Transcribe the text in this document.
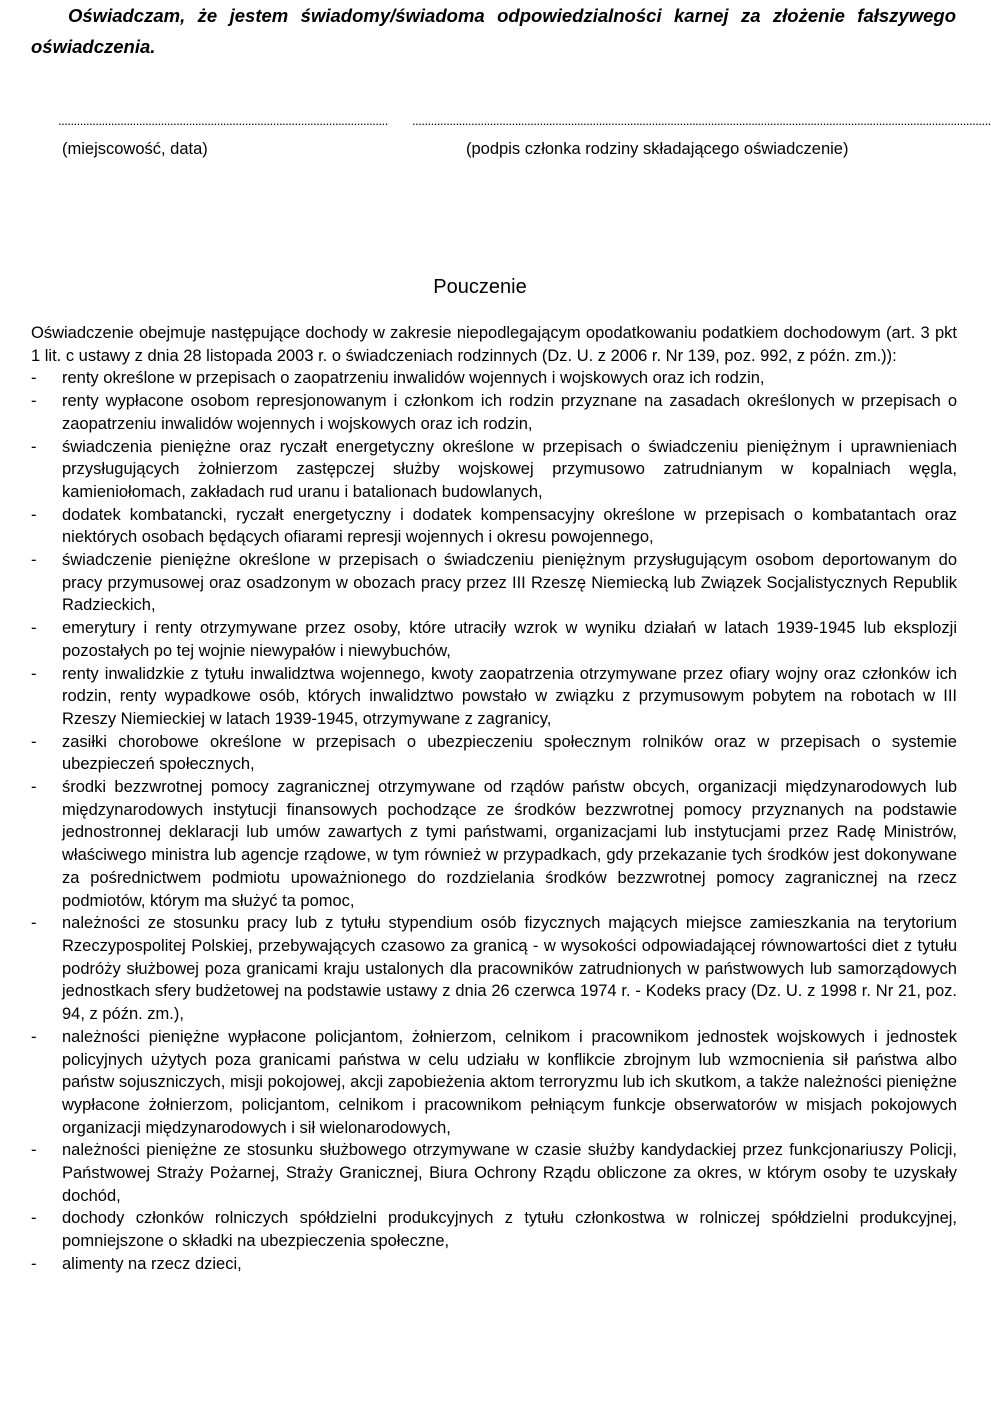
Oświadczam, że jestem świadomy/świadoma odpowiedzialności karnej za złożenie fałszywego oświadczenia.

.......................................................................................................... ..........................................................................................................................................................................................
(miejscowość, data)	(podpis członka rodziny składającego oświadczenie)
Pouczenie

Oświadczenie obejmuje następujące dochody w zakresie niepodlegającym opodatkowaniu podatkiem dochodowym (art. 3 pkt 1 lit. c ustawy z dnia 28 listopada 2003 r. o świadczeniach rodzinnych (Dz. U. z 2006 r. Nr 139, poz. 992, z późn. zm.)):

-	renty określone w przepisach o zaopatrzeniu inwalidów wojennych i wojskowych oraz ich rodzin,
-	renty wypłacone osobom represjonowanym i członkom ich rodzin przyznane na zasadach określonych w przepisach o zaopatrzeniu inwalidów wojennych i wojskowych oraz ich rodzin,
-	świadczenia pieniężne oraz ryczałt energetyczny określone w przepisach o świadczeniu pieniężnym i uprawnieniach przysługujących żołnierzom zastępczej służby wojskowej przymusowo zatrudnianym w kopalniach węgla, kamieniołomach, zakładach rud uranu i batalionach budowlanych,
-	dodatek kombatancki, ryczałt energetyczny i dodatek kompensacyjny określone w przepisach o kombatantach oraz niektórych osobach będących ofiarami represji wojennych i okresu powojennego,
-	świadczenie pieniężne określone w przepisach o świadczeniu pieniężnym przysługującym osobom deportowanym do pracy przymusowej oraz osadzonym w obozach pracy przez III Rzeszę Niemiecką lub Związek Socjalistycznych Republik Radzieckich,
-	emerytury i renty otrzymywane przez osoby, które utraciły wzrok w wyniku działań w latach 1939-1945 lub eksplozji pozostałych po tej wojnie niewypałów i niewybuchów,
-	renty inwalidzkie z tytułu inwalidztwa wojennego, kwoty zaopatrzenia otrzymywane przez ofiary wojny oraz członków ich rodzin, renty wypadkowe osób, których inwalidztwo powstało w związku z przymusowym pobytem na robotach w III Rzeszy Niemieckiej w latach 1939-1945, otrzymywane z zagranicy,
-	zasiłki chorobowe określone w przepisach o ubezpieczeniu społecznym rolników oraz w przepisach o systemie ubezpieczeń społecznych,
-	środki bezzwrotnej pomocy zagranicznej otrzymywane od rządów państw obcych, organizacji międzynarodowych lub międzynarodowych instytucji finansowych pochodzące ze środków bezzwrotnej pomocy przyznanych na podstawie jednostronnej deklaracji lub umów zawartych z tymi państwami, organizacjami lub instytucjami przez Radę Ministrów, właściwego ministra lub agencje rządowe, w tym również w przypadkach, gdy przekazanie tych środków jest dokonywane za pośrednictwem podmiotu upoważnionego do rozdzielania środków bezzwrotnej pomocy zagranicznej na rzecz podmiotów, którym ma służyć ta pomoc,
-	należności ze stosunku pracy lub z tytułu stypendium osób fizycznych mających miejsce zamieszkania na terytorium Rzeczypospolitej Polskiej, przebywających czasowo za granicą - w wysokości odpowiadającej równowartości diet z tytułu podróży służbowej poza granicami kraju ustalonych dla pracowników zatrudnionych w państwowych lub samorządowych jednostkach sfery budżetowej na podstawie ustawy z dnia 26 czerwca 1974 r. - Kodeks pracy (Dz. U. z 1998 r. Nr 21, poz. 94, z późn. zm.),
-	należności pieniężne wypłacone policjantom, żołnierzom, celnikom i pracownikom jednostek wojskowych i jednostek policyjnych użytych poza granicami państwa w celu udziału w konflikcie zbrojnym lub wzmocnienia sił państwa albo państw sojuszniczych, misji pokojowej, akcji zapobieżenia aktom terroryzmu lub ich skutkom, a także należności pieniężne wypłacone żołnierzom, policjantom, celnikom i pracownikom pełniącym funkcje obserwatorów w misjach pokojowych organizacji międzynarodowych i sił wielonarodowych,
-	należności pieniężne ze stosunku służbowego otrzymywane w czasie służby kandydackiej przez funkcjonariuszy Policji, Państwowej Straży Pożarnej, Straży Granicznej, Biura Ochrony Rządu obliczone za okres, w którym osoby te uzyskały dochód,
-	dochody członków rolniczych spółdzielni produkcyjnych z tytułu członkostwa w rolniczej spółdzielni produkcyjnej, pomniejszone o składki na ubezpieczenia społeczne,
-	alimenty na rzecz dzieci,
